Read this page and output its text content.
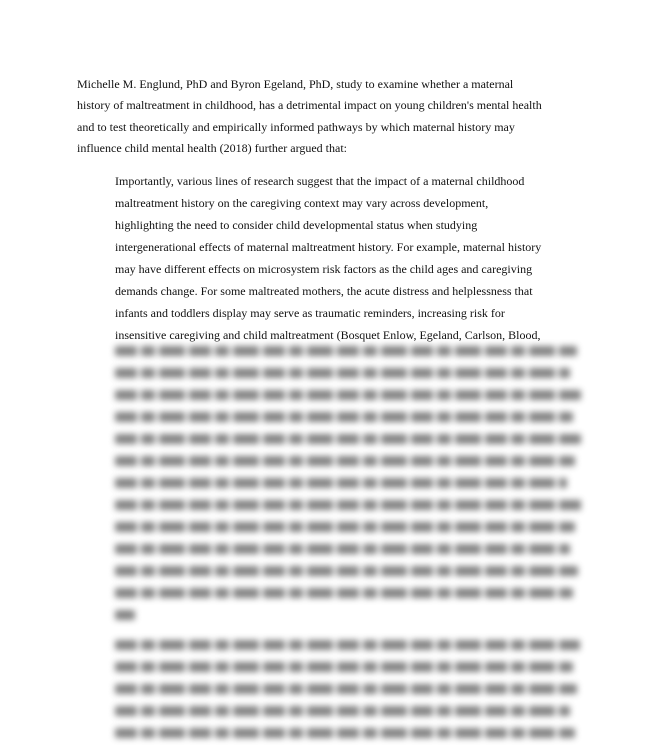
Michelle M. Englund, PhD and Byron Egeland, PhD, study to examine whether a maternal
history of maltreatment in childhood, has a detrimental impact on young children's mental health
and to test theoretically and empirically informed pathways by which maternal history may
influence child mental health (2018) further argued that:
Importantly, various lines of research suggest that the impact of a maternal childhood
maltreatment history on the caregiving context may vary across development,
highlighting the need to consider child developmental status when studying
intergenerational effects of maternal maltreatment history. For example, maternal history
may have different effects on microsystem risk factors as the child ages and caregiving
demands change. For some maltreated mothers, the acute distress and helplessness that
infants and toddlers display may serve as traumatic reminders, increasing risk for
insensitive caregiving and child maltreatment (Bosquet Enlow, Egeland, Carlson, Blood,
